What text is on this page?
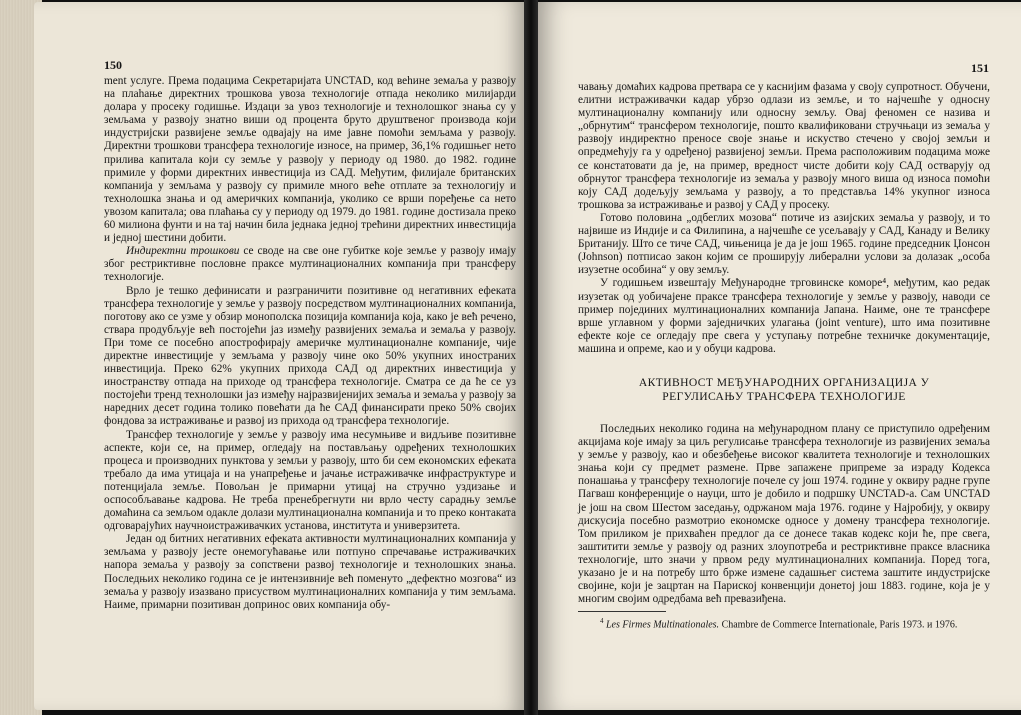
150

ment услуге. Према подацима Секретаријата UNCTAD, код веһине земаља у развоју на плаһање директних трошкова увоза технологије отпада неколико милијарди долара у просеку годишње. Издаци за увоз технологије и технолошког знања су у земљама у развоју знатно виши од процента бруто друштвеног производа који индустријски развијене земље одвајају на име јавне помоћи земљама у развоју. Директни трошкови трансфера технологије износе, на пример, 36,1% годишњег нето прилива капитала који су земље у развоју у периоду од 1980. до 1982. године примиле у форми директних инвестиција из САД. Међутим, филијале британских компанија у земљама у развоју су примиле много веће отплате за технологију и технолошка знања и од америчких компанија, уколико се врши поређење са нето увозом капитала; ова плаћања су у периоду од 1979. до 1981. године достизала преко 60 милиона фунти и на тај начин била једнака једној трећини директних инвестиција и једној шестини добити.

Индиректни трошкови се своде на све оне губитке које земље у развоју имају због рестриктивне пословне праксе мултинационалних компанија при трансферу технологије.

Врло је тешко дефинисати и разграничити позитивне од негативних ефеката трансфера технологије у земље у развоју посредством мултинационалних компанија, поготову ако се узме у обзир монополска позиција компанија која, како је већ речено, ствара продубљује већ постојећи јаз између развијених земаља и земаља у развоју. При томе се посебно апострофирају америчке мултинационалне компаније, чије директне инвестиције у земљама у развоју чине око 50% укупних иностраних инвестиција. Преко 62% укупних прихода САД од директних инвестиција у иностранству отпада на приходе од трансфера технологије. Сматра се да ће се уз постојећи тренд технолошки јаз између најразвијенијих земаља и земаља у развоју за наредних десет година толико повећати да ће САД финансирати преко 50% својих фондова за истраживање и развој из прихода од трансфера технологије.

Трансфер технологије у земље у развоју има несумњиве и видљиве позитивне аспекте, који се, на пример, огледају на постављању одређених технолошких процеса и производних пунктова у земљи у развоју, што би сем економских ефеката требало да има утицаја и на унапређење и јачање истраживачке инфраструктуре и потенцијала земље. Повољан је примарни утицај на стручно уздизање и оспособљавање кадрова. Не треба пренебрегнути ни врло честу сарадњу земље домаћина са земљом одакле долази мултинационална компанија и то преко контаката одговарајућих научноистраживачких установа, института и универзитета.

Један од битних негативних ефеката активности мултинационалних компанија у земљама у развоју јесте онемогућавање или потпуно спречавање истраживачких напора земаља у развоју за сопствени развој технологије и технолошких знања. Последњих неколико година се је интензивније већ поменуто „дефектно мозгова“ из земаља у развоју изазвано присуством мултинационалних компанија у тим земљама. Наиме, примарни позитиван допринос ових компанија обу-

151

чавању домаћих кадрова претвара се у каснијим фазама у своју супротност. Обучени, елитни истраживачки кадар убрзо одлази из земље, и то најчешће у односну мултинационалну компанију или односну земљу. Овај феномен се назива и „обрнутим“ трансфером технологије, пошто квалификовани стручњаци из земаља у развоју индиректно преносе своје знање и искуство стечено у својој земљи и опредмећују га у одређеној развијеној земљи. Према расположивим подацима може се констатовати да је, на пример, вредност чисте добити коју САД остварују од обрнутог трансфера технологије из земаља у развоју много виша од износа помоћи коју САД додељују земљама у развоју, а то представља 14% укупног износа трошкова за истраживање и развој у САД у просеку.

Готово половина „одбеглих мозова“ потиче из азијских земаља у развоју, и то највише из Индије и са Филипина, а најчешће се усељавају у САД, Канаду и Велику Британију. Што се тиче САД, чињеница је да је још 1965. године председник Џонсон (Johnson) потписао закон којим се проширују либерални услови за долазак „особа изузетне особина“ у ову земљу.

У годишњем извештају Међународне трговинске коморе⁴, међутим, као редак изузетак од уобичајене праксе трансфера технологије у земље у развоју, наводи се пример појединих мултинационалних компанија Јапана. Наиме, оне те трансфере врше углавном у форми заједничких улагања (joint venture), што има позитивне ефекте које се огледају пре свега у уступању потребне техничке документације, машина и опреме, као и у обуци кадрова.

АКТИВНОСТ МЕЂУНАРОДНИХ ОРГАНИЗАЦИЈА У
РЕГУЛИСАЊУ ТРАНСФЕРА ТЕХНОЛОГИЈЕ

Последњих неколико година на међународном плану се приступило одређеним акцијама које имају за циљ регулисање трансфера технологије из развијених земаља у земље у развоју, као и обезбеђење високог квалитета технологије и технолошких знања који су предмет размене. Прве запажене припреме за израду Кодекса понашања у трансферу технологије почеле су још 1974. године у оквиру радне групе Пагваш конференције о науци, што је добило и подршку UNCTAD-а. Сам UNCTAD је још на свом Шестом заседању, одржаном маја 1976. године у Најробију, у оквиру дискусија посебно размотрио економске односе у домену трансфера технологије. Том приликом је прихваћен предлог да се донесе такав кодекс који ће, пре свега, заштитити земље у развоју од разних злоупотреба и рестриктивне праксе власника технологије, што значи у првом реду мултинационалних компанија. Поред тога, указано је и на потребу што брже измене садашњег система заштите индустријске својине, који је зацртан на Париској конвенцији донетој још 1883. године, која је у многим својим одредбама већ превазиђена.

$^4$ Les Firmes Multinationales. Chambre de Commerce Internationale, Paris 1973. и 1976.
